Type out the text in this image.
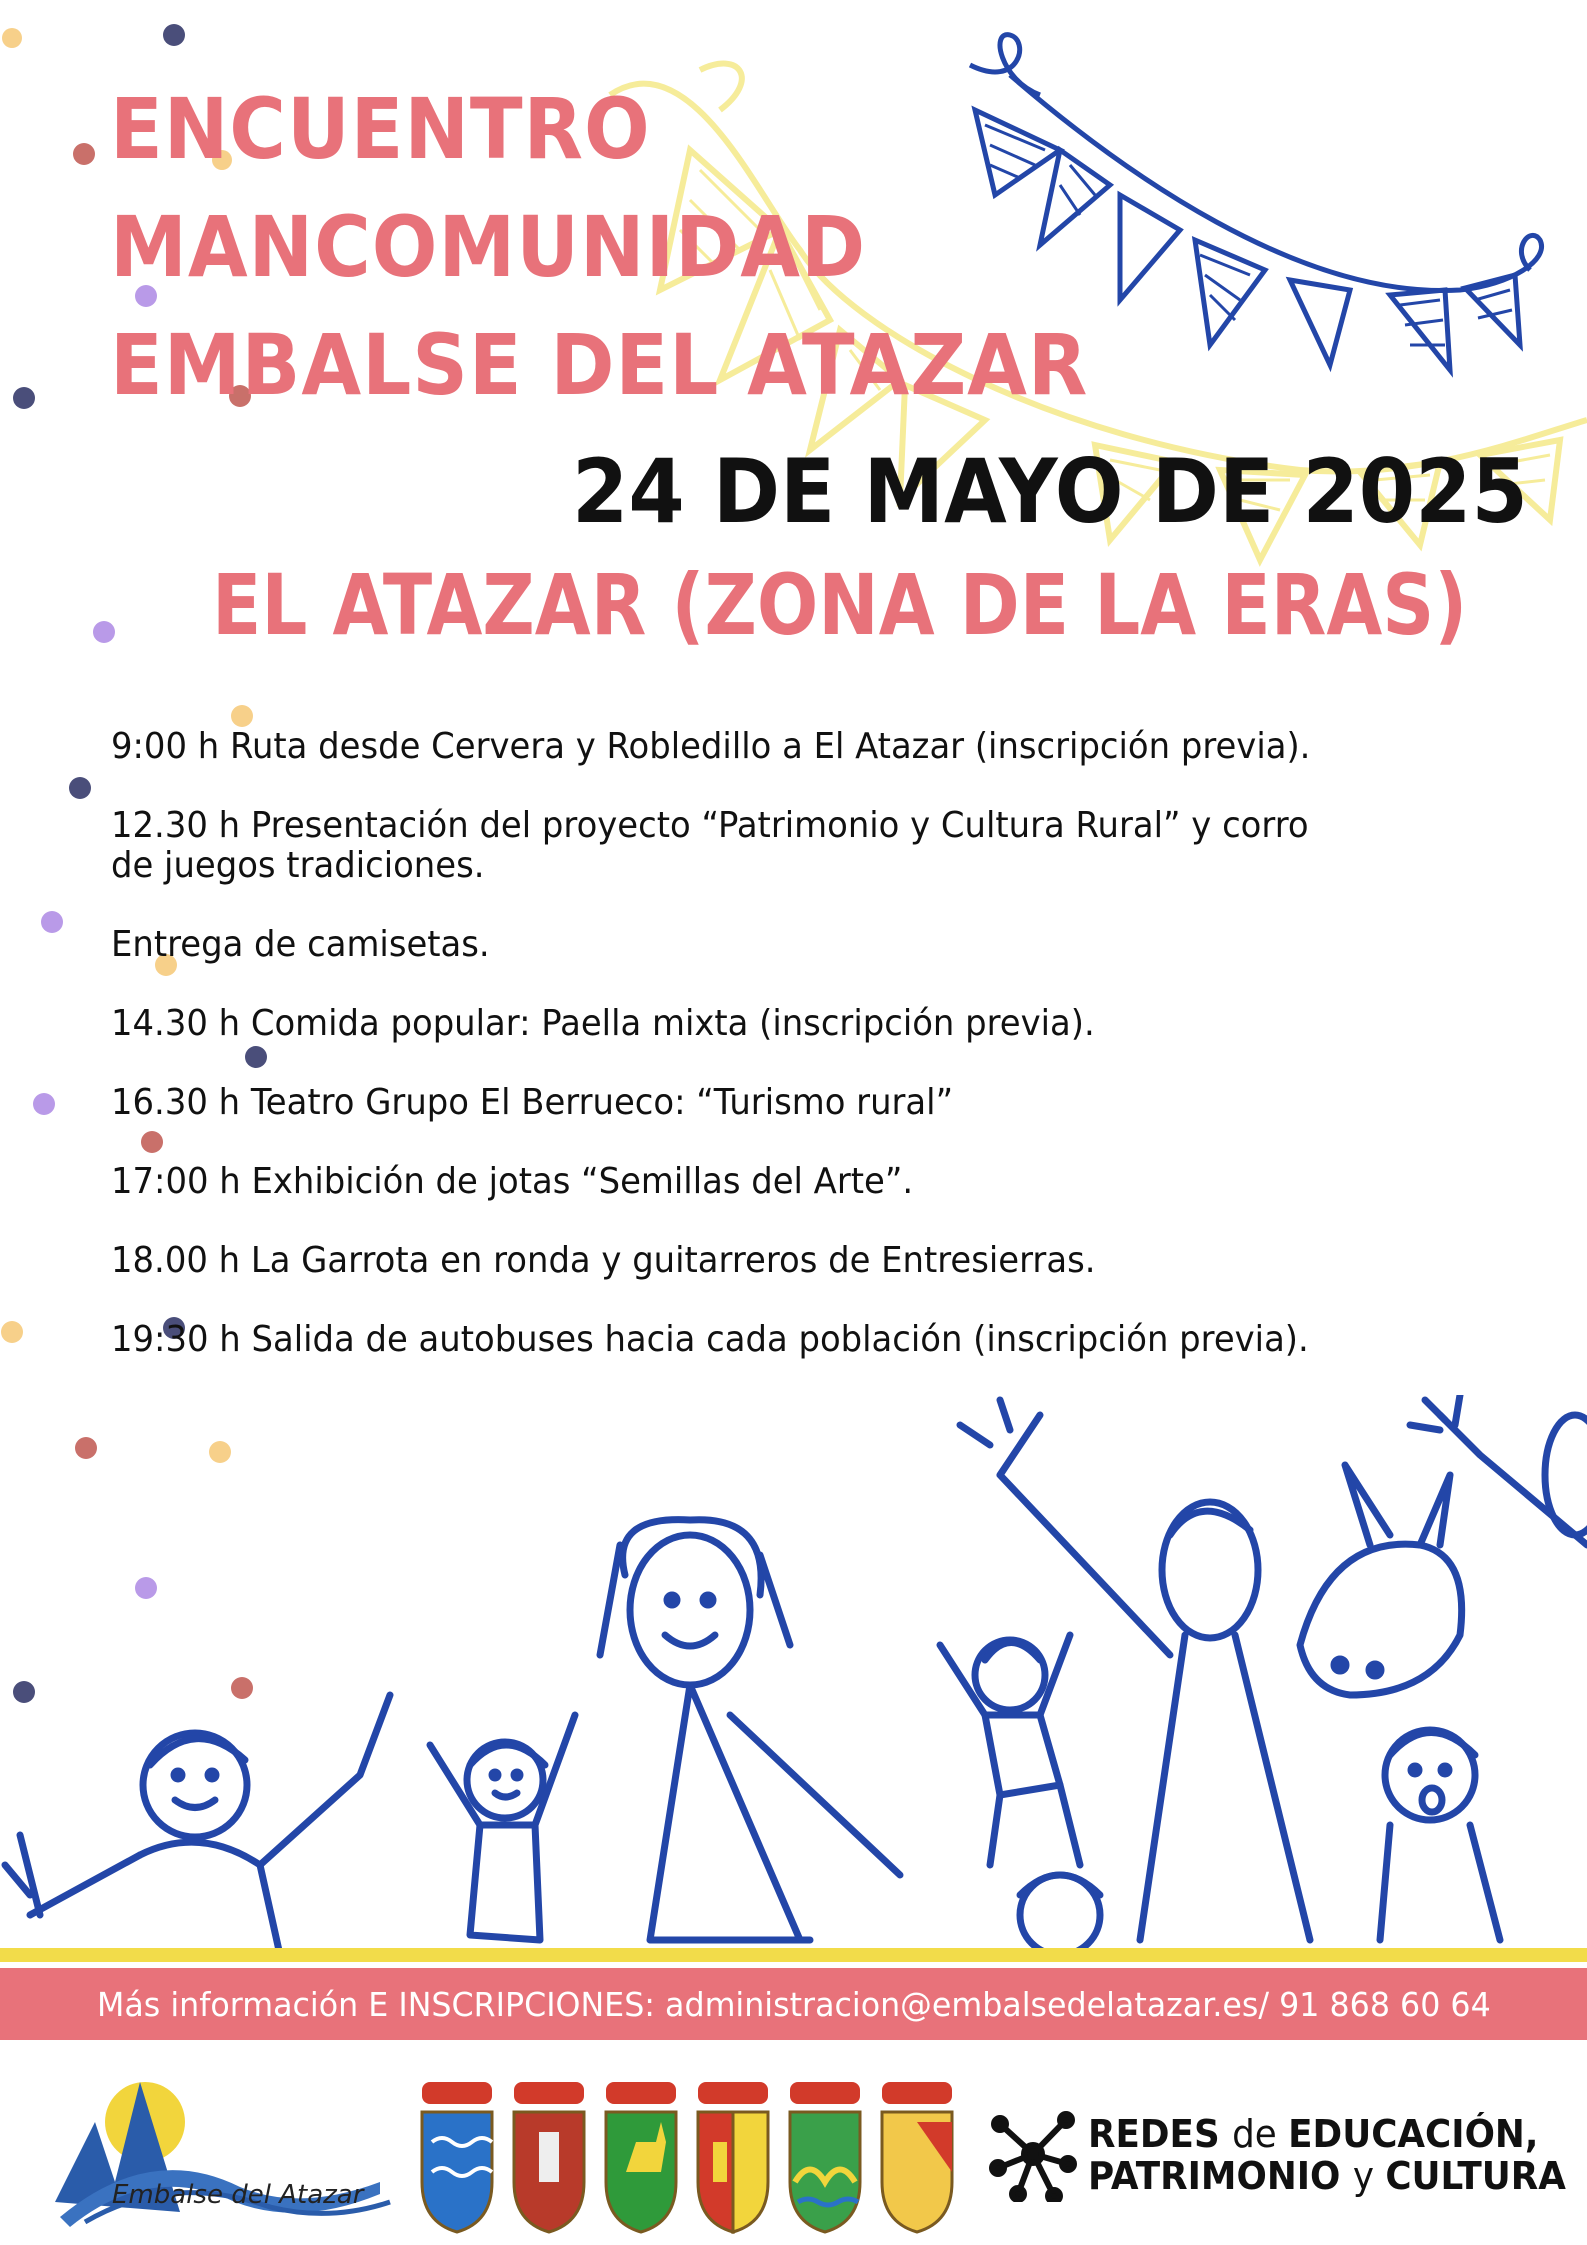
ENCUENTRO
MANCOMUNIDAD
EMBALSE DEL ATAZAR
24 DE MAYO DE 2025
EL ATAZAR (ZONA DE LA ERAS)
9:00 h Ruta desde Cervera y Robledillo a El Atazar (inscripción previa).
12.30 h Presentación del proyecto “Patrimonio y Cultura Rural” y corro
de juegos tradiciones.
Entrega de camisetas.
14.30 h Comida popular: Paella mixta (inscripción previa).
16.30 h Teatro Grupo El Berrueco: “Turismo rural”
17:00 h Exhibición de jotas “Semillas del Arte”.
18.00 h La Garrota en ronda y guitarreros de Entresierras.
19:30 h Salida de autobuses hacia cada población (inscripción previa).
Más información E INSCRIPCIONES: administracion@embalsedelatazar.es/ 91 868 60 64
Embalse del Atazar
REDES de EDUCACIÓN,
PATRIMONIO y CULTURA
